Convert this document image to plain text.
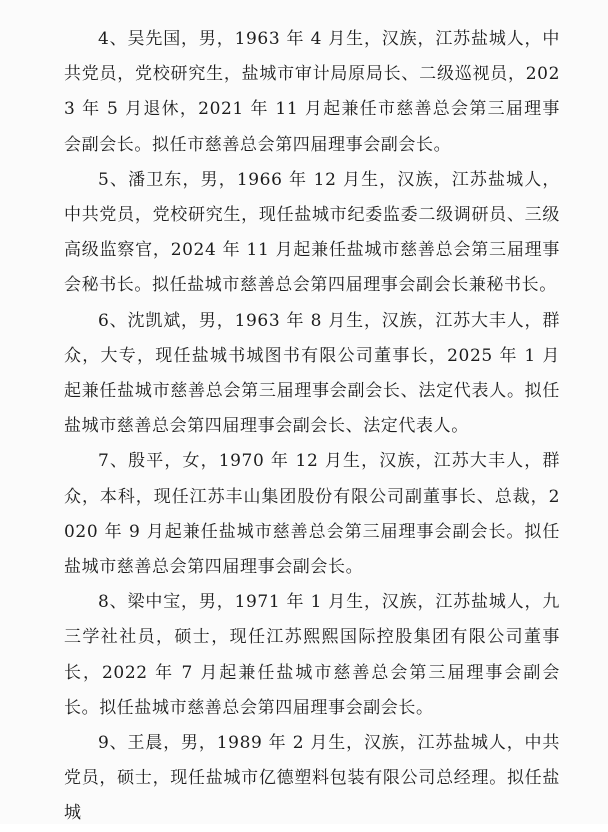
4、吴先国，男，1963 年 4 月生，汉族，江苏盐城人，中共党员，党校研究生，盐城市审计局原局长、二级巡视员，2023 年 5 月退休，2021 年 11 月起兼任市慈善总会第三届理事会副会长。拟任市慈善总会第四届理事会副会长。

5、潘卫东，男，1966 年 12 月生，汉族，江苏盐城人，中共党员，党校研究生，现任盐城市纪委监委二级调研员、三级高级监察官，2024 年 11 月起兼任盐城市慈善总会第三届理事会秘书长。拟任盐城市慈善总会第四届理事会副会长兼秘书长。

6、沈凯斌，男，1963 年 8 月生，汉族，江苏大丰人，群众，大专，现任盐城书城图书有限公司董事长，2025 年 1 月起兼任盐城市慈善总会第三届理事会副会长、法定代表人。拟任盐城市慈善总会第四届理事会副会长、法定代表人。

7、殷平，女，1970 年 12 月生，汉族，江苏大丰人，群众，本科，现任江苏丰山集团股份有限公司副董事长、总裁，2020 年 9 月起兼任盐城市慈善总会第三届理事会副会长。拟任盐城市慈善总会第四届理事会副会长。

8、梁中宝，男，1971 年 1 月生，汉族，江苏盐城人，九三学社社员，硕士，现任江苏熙熙国际控股集团有限公司董事长，2022 年 7 月起兼任盐城市慈善总会第三届理事会副会长。拟任盐城市慈善总会第四届理事会副会长。

9、王晨，男，1989 年 2 月生，汉族，江苏盐城人，中共党员，硕士，现任盐城市亿德塑料包装有限公司总经理。拟任盐城
